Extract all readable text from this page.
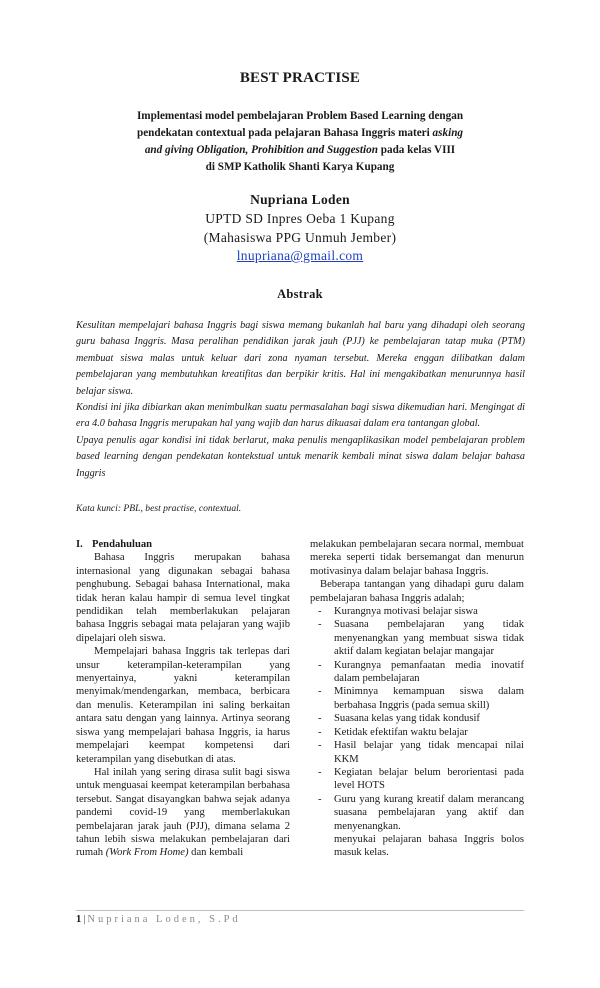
BEST PRACTISE
Implementasi model pembelajaran Problem Based Learning dengan
pendekatan contextual pada pelajaran Bahasa Inggris materi asking
and giving Obligation, Prohibition and Suggestion pada kelas VIII
di SMP Katholik Shanti Karya Kupang
Nupriana Loden
UPTD SD Inpres Oeba 1 Kupang
(Mahasiswa PPG Unmuh Jember)
lnupriana@gmail.com
Abstrak

Kesulitan mempelajari bahasa Inggris bagi siswa memang bukanlah hal baru yang dihadapi oleh seorang guru bahasa Inggris. Masa peralihan pendidikan jarak jauh (PJJ) ke pembelajaran tatap muka (PTM) membuat siswa malas untuk keluar dari zona nyaman tersebut. Mereka enggan dilibatkan dalam pembelajaran yang membutuhkan kreatifitas dan berpikir kritis. Hal ini mengakibatkan menurunnya hasil belajar siswa.

Kondisi ini jika dibiarkan akan menimbulkan suatu permasalahan bagi siswa dikemudian hari. Mengingat di era 4.0 bahasa Inggris merupakan hal yang wajib dan harus dikuasai dalam era tantangan global.

Upaya penulis agar kondisi ini tidak berlarut, maka penulis mengaplikasikan model pembelajaran problem based learning dengan pendekatan kontekstual untuk menarik kembali minat siswa dalam belajar bahasa Inggris

Kata kunci: PBL, best practise, contextual.

I. Pendahuluan

Bahasa Inggris merupakan bahasa internasional yang digunakan sebagai bahasa penghubung. Sebagai bahasa International, maka tidak heran kalau hampir di semua level tingkat pendidikan telah memberlakukan pelajaran bahasa Inggris sebagai mata pelajaran yang wajib dipelajari oleh siswa.

Mempelajari bahasa Inggris tak terlepas dari unsur keterampilan-keterampilan yang menyertainya, yakni keterampilan menyimak/mendengarkan, membaca, berbicara dan menulis. Keterampilan ini saling berkaitan antara satu dengan yang lainnya. Artinya seorang siswa yang mempelajari bahasa Inggris, ia harus mempelajari keempat kompetensi dari keterampilan yang disebutkan di atas.

Hal inilah yang sering dirasa sulit bagi siswa untuk menguasai keempat keterampilan berbahasa tersebut. Sangat disayangkan bahwa sejak adanya pandemi covid-19 yang memberlakukan pembelajaran jarak jauh (PJJ), dimana selama 2 tahun lebih siswa melakukan pembelajaran dari rumah (Work From Home) dan kembali

melakukan pembelajaran secara normal, membuat mereka seperti tidak bersemangat dan menurun motivasinya dalam belajar bahasa Inggris.

Beberapa tantangan yang dihadapi guru dalam pembelajaran bahasa Inggris adalah;

- Kurangnya motivasi belajar siswa
- Suasana pembelajaran yang tidak menyenangkan yang membuat siswa tidak aktif dalam kegiatan belajar mangajar
- Kurangnya pemanfaatan media inovatif dalam pembelajaran
- Minimnya kemampuan siswa dalam berbahasa Inggris (pada semua skill)
- Suasana kelas yang tidak kondusif
- Ketidak efektifan waktu belajar
- Hasil belajar yang tidak mencapai nilai KKM
- Kegiatan belajar belum berorientasi pada level HOTS
- Guru yang kurang kreatif dalam merancang suasana pembelajaran yang aktif dan menyenangkan.

menyukai pelajaran bahasa Inggris bolos masuk kelas.

1 | Nupriana Loden, S.Pd
